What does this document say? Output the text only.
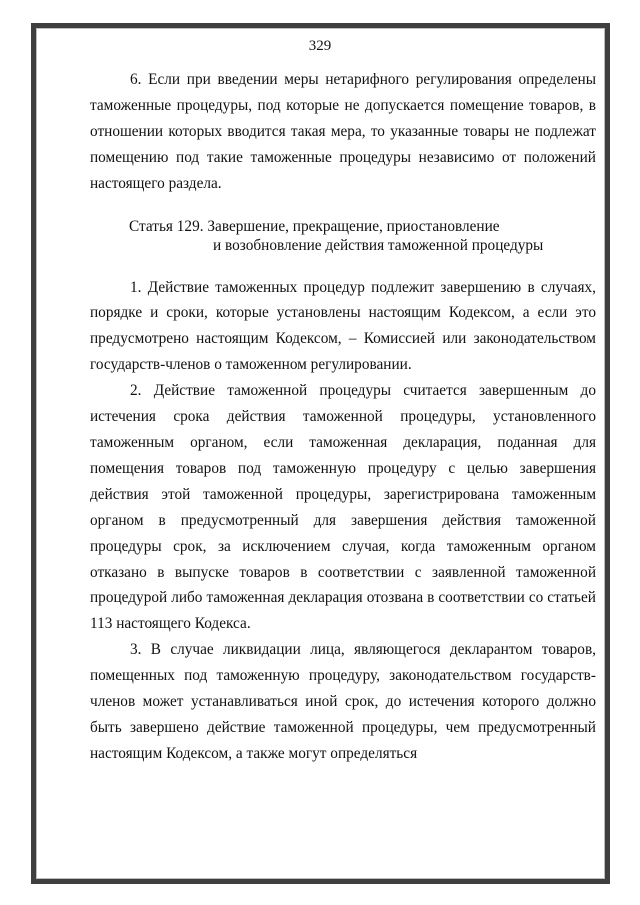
329

6. Если при введении меры нетарифного регулирования определены таможенные процедуры, под которые не допускается помещение товаров, в отношении которых вводится такая мера, то указанные товары не подлежат помещению под такие таможенные процедуры независимо от положений настоящего раздела.

Статья 129. Завершение, прекращение, приостановление
и возобновление действия таможенной процедуры

1. Действие таможенных процедур подлежит завершению в случаях, порядке и сроки, которые установлены настоящим Кодексом, а если это предусмотрено настоящим Кодексом, – Комиссией или законодательством государств-членов о таможенном регулировании.

2. Действие таможенной процедуры считается завершенным до истечения срока действия таможенной процедуры, установленного таможенным органом, если таможенная декларация, поданная для помещения товаров под таможенную процедуру с целью завершения действия этой таможенной процедуры, зарегистрирована таможенным органом в предусмотренный для завершения действия таможенной процедуры срок, за исключением случая, когда таможенным органом отказано в выпуске товаров в соответствии с заявленной таможенной процедурой либо таможенная декларация отозвана в соответствии со статьей 113 настоящего Кодекса.

3. В случае ликвидации лица, являющегося декларантом товаров, помещенных под таможенную процедуру, законодательством государств-членов может устанавливаться иной срок, до истечения которого должно быть завершено действие таможенной процедуры, чем предусмотренный настоящим Кодексом, а также могут определяться
